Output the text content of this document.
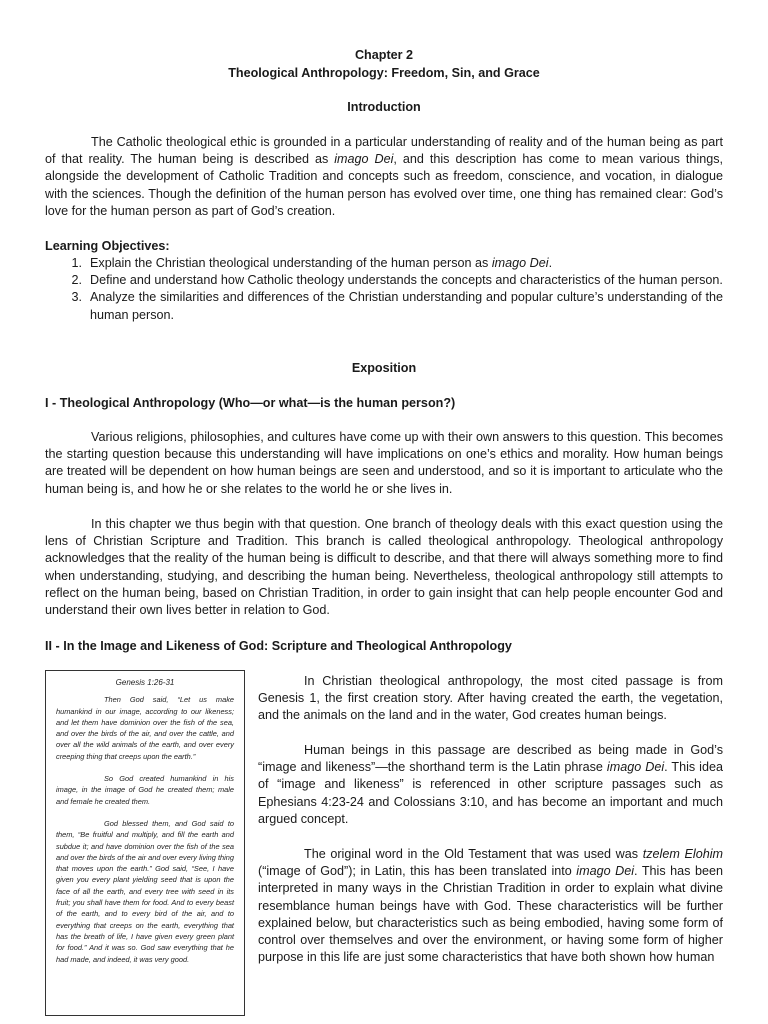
Chapter 2
Theological Anthropology: Freedom, Sin, and Grace
Introduction

The Catholic theological ethic is grounded in a particular understanding of reality and of the human being as part of that reality. The human being is described as imago Dei, and this description has come to mean various things, alongside the development of Catholic Tradition and concepts such as freedom, conscience, and vocation, in dialogue with the sciences. Though the definition of the human person has evolved over time, one thing has remained clear: God’s love for the human person as part of God’s creation.

Learning Objectives:
1. Explain the Christian theological understanding of the human person as imago Dei.
2. Define and understand how Catholic theology understands the concepts and characteristics of the human person.
3. Analyze the similarities and differences of the Christian understanding and popular culture’s understanding of the human person.
Exposition
I - Theological Anthropology (Who—or what—is the human person?)

Various religions, philosophies, and cultures have come up with their own answers to this question. This becomes the starting question because this understanding will have implications on one’s ethics and morality. How human beings are treated will be dependent on how human beings are seen and understood, and so it is important to articulate who the human being is, and how he or she relates to the world he or she lives in.

In this chapter we thus begin with that question. One branch of theology deals with this exact question using the lens of Christian Scripture and Tradition. This branch is called theological anthropology. Theological anthropology acknowledges that the reality of the human being is difficult to describe, and that there will always something more to find when understanding, studying, and describing the human being. Nevertheless, theological anthropology still attempts to reflect on the human being, based on Christian Tradition, in order to gain insight that can help people encounter God and understand their own lives better in relation to God.

II - In the Image and Likeness of God: Scripture and Theological Anthropology
Genesis 1:26-31

Then God said, “Let us make humankind in our image, according to our likeness; and let them have dominion over the fish of the sea, and over the birds of the air, and over the cattle, and over all the wild animals of the earth, and over every creeping thing that creeps upon the earth.”

So God created humankind in his image, in the image of God he created them; male and female he created them.

God blessed them, and God said to them, “Be fruitful and multiply, and fill the earth and subdue it; and have dominion over the fish of the sea and over the birds of the air and over every living thing that moves upon the earth.” God said, “See, I have given you every plant yielding seed that is upon the face of all the earth, and every tree with seed in its fruit; you shall have them for food. And to every beast of the earth, and to every bird of the air, and to everything that creeps on the earth, everything that has the breath of life, I have given every green plant for food.” And it was so. God saw everything that he had made, and indeed, it was very good.

In Christian theological anthropology, the most cited passage is from Genesis 1, the first creation story. After having created the earth, the vegetation, and the animals on the land and in the water, God creates human beings.

Human beings in this passage are described as being made in God’s “image and likeness”—the shorthand term is the Latin phrase imago Dei. This idea of “image and likeness” is referenced in other scripture passages such as Ephesians 4:23-24 and Colossians 3:10, and has become an important and much argued concept.

The original word in the Old Testament that was used was tzelem Elohim (“image of God”); in Latin, this has been translated into imago Dei. This has been interpreted in many ways in the Christian Tradition in order to explain what divine resemblance human beings have with God. These characteristics will be further explained below, but characteristics such as being embodied, having some form of control over themselves and over the environment, or having some form of higher purpose in this life are just some characteristics that have both shown how human
